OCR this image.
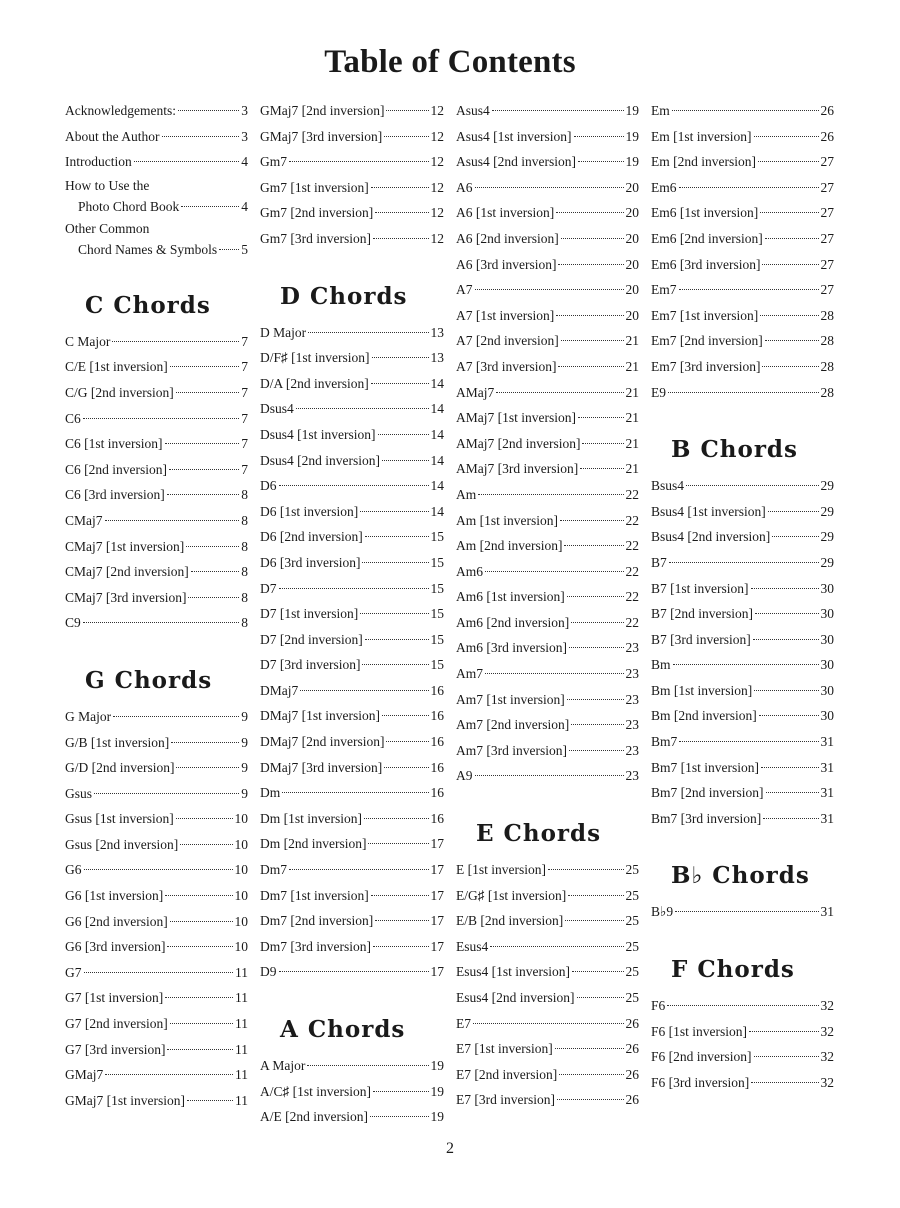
Table of Contents
Acknowledgements:	3
About the Author	3
Introduction	4
How to Use the
Photo Chord Book	4
Other Common
Chord Names & Symbols 5
C Chords
C Major	7
C/E [1st inversion]	7
C/G [2nd inversion]	7
C6	7
C6 [1st inversion]	7
C6 [2nd inversion]	7
C6 [3rd inversion]	8
CMaj7	8
CMaj7 [1st inversion]	8
CMaj7 [2nd inversion]	8
CMaj7 [3rd inversion]	8
C9	8
G Chords
G Major	9
G/B [1st inversion]	9
G/D [2nd inversion]	9
Gsus	9
Gsus [1st inversion]	10
Gsus [2nd inversion]	10
G6	10
G6 [1st inversion]	10
G6 [2nd inversion]	10
G6 [3rd inversion]	10
G7	11
G7 [1st inversion]	11
G7 [2nd inversion]	11
G7 [3rd inversion]	11
GMaj7	11
GMaj7 [1st inversion]	11
GMaj7 [2nd inversion]	12
GMaj7 [3rd inversion]	12
Gm7	12
Gm7 [1st inversion]	12
Gm7 [2nd inversion]	12
Gm7 [3rd inversion]	12
D Chords
D Major	13
D/F♯ [1st inversion]	13
D/A [2nd inversion]	14
Dsus4	14
Dsus4 [1st inversion]	14
Dsus4 [2nd inversion]	14
D6	14
D6 [1st inversion]	14
D6 [2nd inversion]	15
D6 [3rd inversion]	15
D7	15
D7 [1st inversion]	15
D7 [2nd inversion]	15
D7 [3rd inversion]	15
DMaj7	16
DMaj7 [1st inversion]	16
DMaj7 [2nd inversion]	16
DMaj7 [3rd inversion]	16
Dm	16
Dm [1st inversion]	16
Dm [2nd inversion]	17
Dm7	17
Dm7 [1st inversion]	17
Dm7 [2nd inversion]	17
Dm7 [3rd inversion]	17
D9	17
A Chords
A Major	19
A/C♯ [1st inversion]	19
A/E [2nd inversion]	19
Asus4	19
Asus4 [1st inversion]	19
Asus4 [2nd inversion]	19
A6	20
A6 [1st inversion]	20
A6 [2nd inversion]	20
A6 [3rd inversion]	20
A7	20
A7 [1st inversion]	20
A7 [2nd inversion]	21
A7 [3rd inversion]	21
AMaj7	21
AMaj7 [1st inversion]	21
AMaj7 [2nd inversion]	21
AMaj7 [3rd inversion]	21
Am	22
Am [1st inversion]	22
Am [2nd inversion]	22
Am6	22
Am6 [1st inversion]	22
Am6 [2nd inversion]	22
Am6 [3rd inversion]	23
Am7	23
Am7 [1st inversion]	23
Am7 [2nd inversion]	23
Am7 [3rd inversion]	23
A9	23
E Chords
E [1st inversion]	25
E/G♯ [1st inversion]	25
E/B [2nd inversion]	25
Esus4	25
Esus4 [1st inversion]	25
Esus4 [2nd inversion]	25
E7	26
E7 [1st inversion]	26
E7 [2nd inversion]	26
E7 [3rd inversion]	26
Em	26
Em [1st inversion]	26
Em [2nd inversion]	27
Em6	27
Em6 [1st inversion]	27
Em6 [2nd inversion]	27
Em6 [3rd inversion]	27
Em7	27
Em7 [1st inversion]	28
Em7 [2nd inversion]	28
Em7 [3rd inversion]	28
E9	28
B Chords
Bsus4	29
Bsus4 [1st inversion]	29
Bsus4 [2nd inversion]	29
B7	29
B7 [1st inversion]	30
B7 [2nd inversion]	30
B7 [3rd inversion]	30
Bm	30
Bm [1st inversion]	30
Bm [2nd inversion]	30
Bm7	31
Bm7 [1st inversion]	31
Bm7 [2nd inversion]	31
Bm7 [3rd inversion]	31
B♭ Chords
B♭9	31
F Chords
F6	32
F6 [1st inversion]	32
F6 [2nd inversion]	32
F6 [3rd inversion]	32
2
